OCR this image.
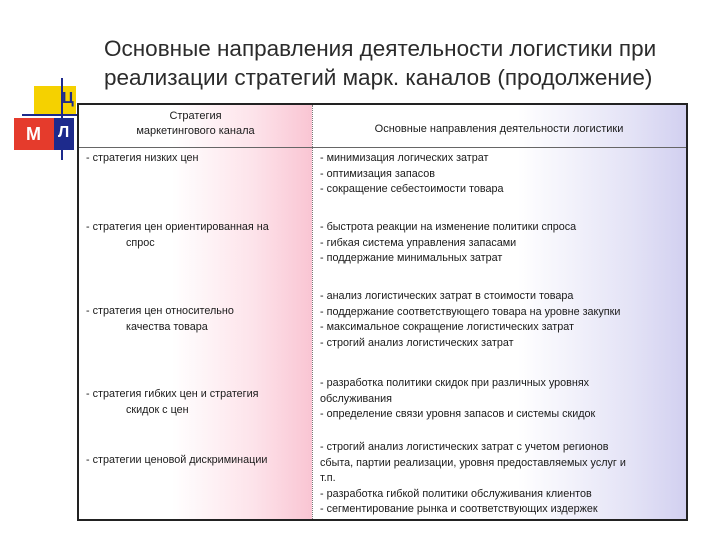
М Л
Ц
Основные направления деятельности логистики при реализации стратегий марк. каналов (продолжение)
Стратегия
маркетингового канала	Основные направления деятельности логистики

- стратегия низких цен	- минимизация логических затрат

- оптимизация запасов

- сокращение себестоимости товара

- стратегия цен ориентированная на

спрос

- быстрота реакции на изменение политики спроса

- гибкая система управления запасами

- поддержание минимальных затрат

- стратегия цен относительно

качества товара

- анализ логистических затрат в стоимости товара

- поддержание соответствующего товара на уровне закупки

- максимальное сокращение логистических затрат

- строгий анализ логистических затрат

- стратегия гибких цен и стратегия

скидок с цен

- разработка политики скидок при различных уровнях

обслуживания

- определение связи уровня запасов и системы скидок

- стратегии ценовой дискриминации

- строгий анализ логистических затрат с учетом регионов

сбыта, партии реализации, уровня предоставляемых услуг и

т.п.

- разработка гибкой политики обслуживания клиентов

- сегментирование рынка и соответствующих издержек
